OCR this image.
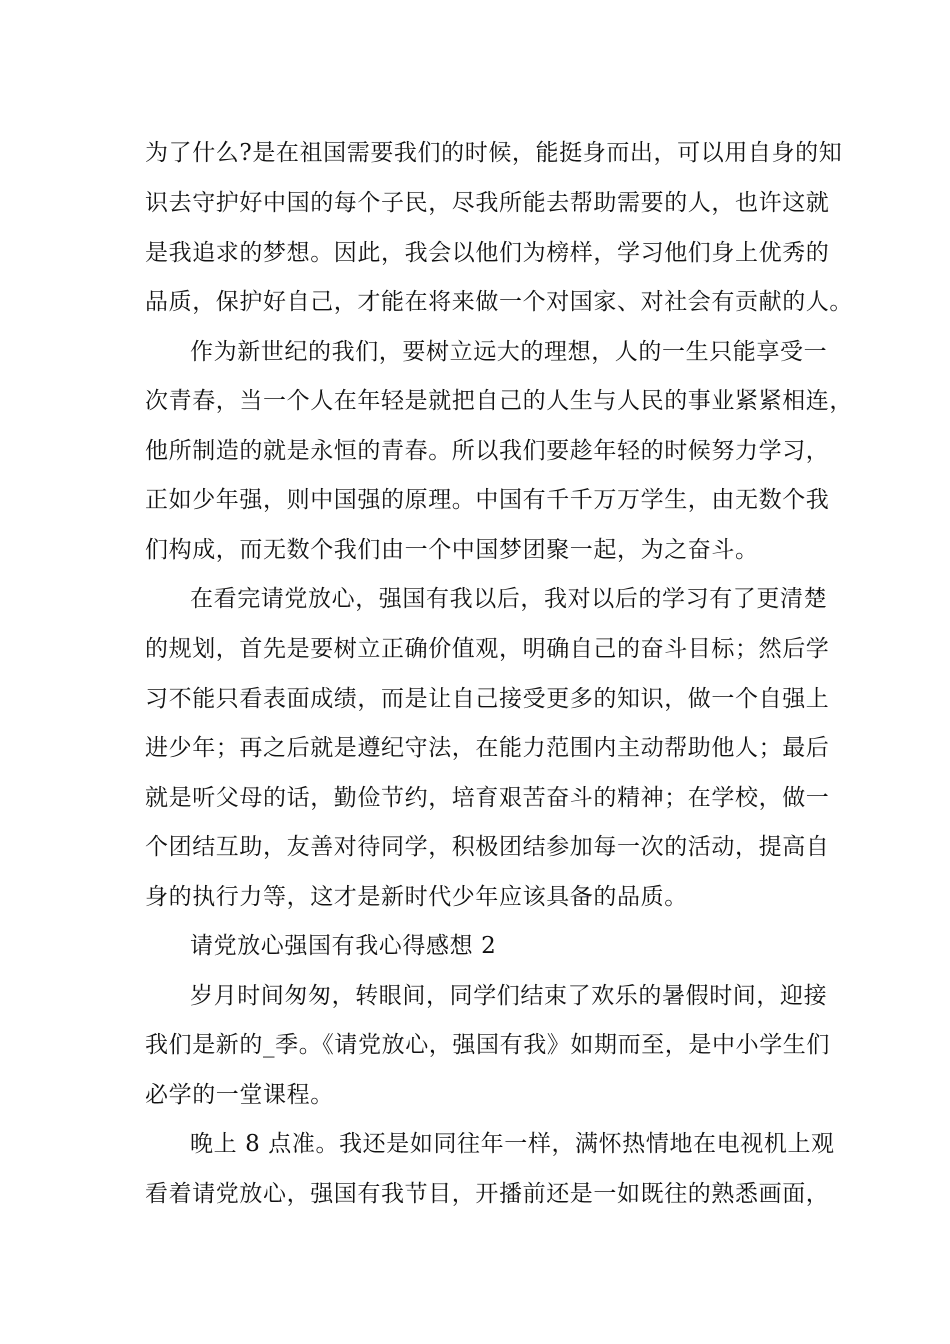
为了什么?是在祖国需要我们的时候，能挺身而出，可以用自身的知
识去守护好中国的每个子民，尽我所能去帮助需要的人，也许这就
是我追求的梦想。因此，我会以他们为榜样，学习他们身上优秀的
品质，保护好自己，才能在将来做一个对国家、对社会有贡献的人。
作为新世纪的我们，要树立远大的理想，人的一生只能享受一
次青春，当一个人在年轻是就把自己的人生与人民的事业紧紧相连，
他所制造的就是永恒的青春。所以我们要趁年轻的时候努力学习，
正如少年强，则中国强的原理。中国有千千万万学生，由无数个我
们构成，而无数个我们由一个中国梦团聚一起，为之奋斗。
在看完请党放心，强国有我以后，我对以后的学习有了更清楚
的规划，首先是要树立正确价值观，明确自己的奋斗目标；然后学
习不能只看表面成绩，而是让自己接受更多的知识，做一个自强上
进少年；再之后就是遵纪守法，在能力范围内主动帮助他人；最后
就是听父母的话，勤俭节约，培育艰苦奋斗的精神；在学校，做一
个团结互助，友善对待同学，积极团结参加每一次的活动，提高自
身的执行力等，这才是新时代少年应该具备的品质。
请党放心强国有我心得感想 2
岁月时间匆匆，转眼间，同学们结束了欢乐的暑假时间，迎接
我们是新的_季。《请党放心，强国有我》如期而至，是中小学生们
必学的一堂课程。
晚上 8 点准。我还是如同往年一样，满怀热情地在电视机上观
看着请党放心，强国有我节目，开播前还是一如既往的熟悉画面，
